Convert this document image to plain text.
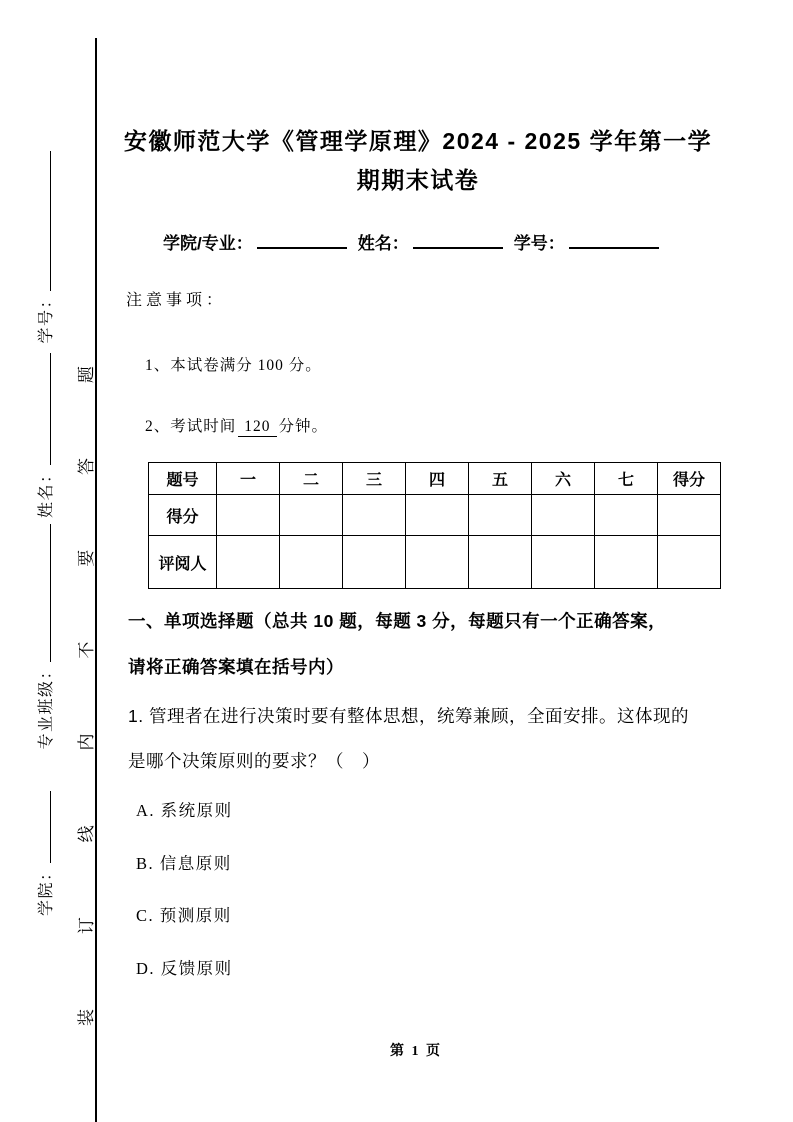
学院：专业班级：姓名：学号：
装
订
线
内
不
要
答
题
安徽师范大学《管理学原理》2024 - 2025 学年第一学
期期末试卷
学院/专业：	姓名：	学号：
注意事项：
1、本试卷满分 100 分。
2、考试时间 120 分钟。
题号	一	二	三	四	五	六	七	得分
得分								
评阅人								
一、单项选择题（总共 10 题，每题 3 分，每题只有一个正确答案，
请将正确答案填在括号内）
1. 管理者在进行决策时要有整体思想，统筹兼顾，全面安排。这体现的
是哪个决策原则的要求？（　）
A. 系统原则
B. 信息原则
C. 预测原则
D. 反馈原则
第 1 页
